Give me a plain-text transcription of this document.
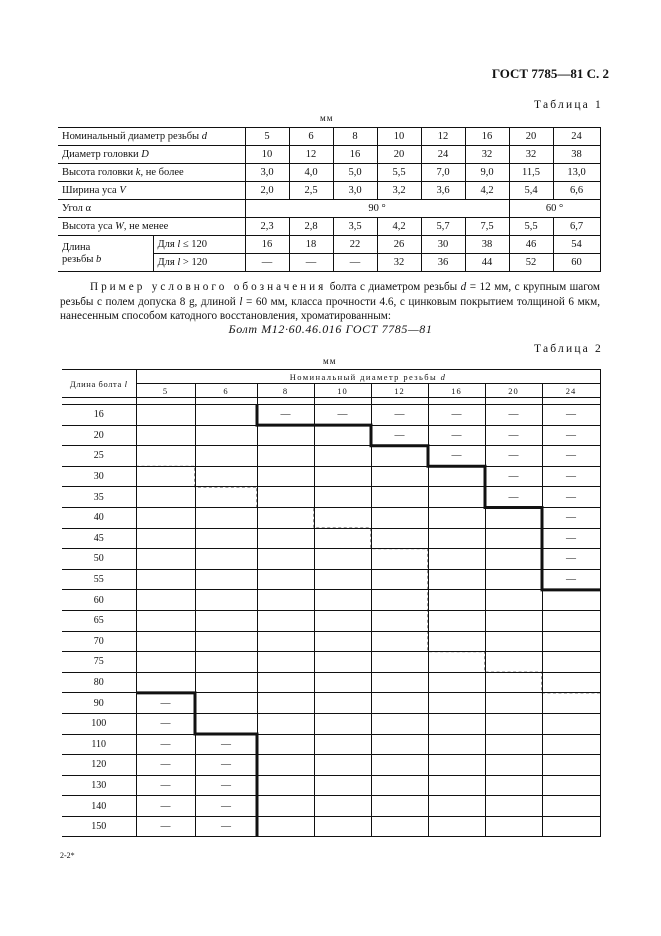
ГОСТ 7785—81 С. 2
Таблица 1
мм
Номинальный диаметр резьбы d		5	6	8	10	12	16	20	24
Диаметр головки D		10	12	16	20	24	32	32	38
Высота головки k, не более		3,0	4,0	5,0	5,5	7,0	9,0	11,5	13,0
Ширина уса V		2,0	2,5	3,0	3,2	3,6	4,2	5,4	6,6
Угол α		90 °						60 °	
Высота уса W, не менее		2,3	2,8	3,5	4,2	5,7	7,5	5,5	6,7
Длина
резьбы b	Для l ≤ 120	16	18	22	26	30	38	46	54
	Для l > 120	—	—	—	32	36	44	52	60
Пример условного обозначения болта с диаметром резьбы d = 12 мм, с крупным шагом резьбы с полем допуска 8 g, длиной l = 60 мм, класса прочности 4.6, с цинковым покрытием толщиной 6 мкм, нанесенным способом катодного восстановления, хроматированным:
Болт М12·60.46.016 ГОСТ 7785—81
Таблица 2
мм
Длина болта l	Номинальный диаметр резьбы d							
	5	6	8	10	12	16	20	24

16			—	—	—	—	—	—
20					—	—	—	—
25						—	—	—
30							—	—
35							—	—
40								—
45								—
50								—
55								—
60								
65								
70								
75								
80								
90	—							
100	—							
110	—	—						
120	—	—						
130	—	—						
140	—	—						
150	—	—						
2-2*
